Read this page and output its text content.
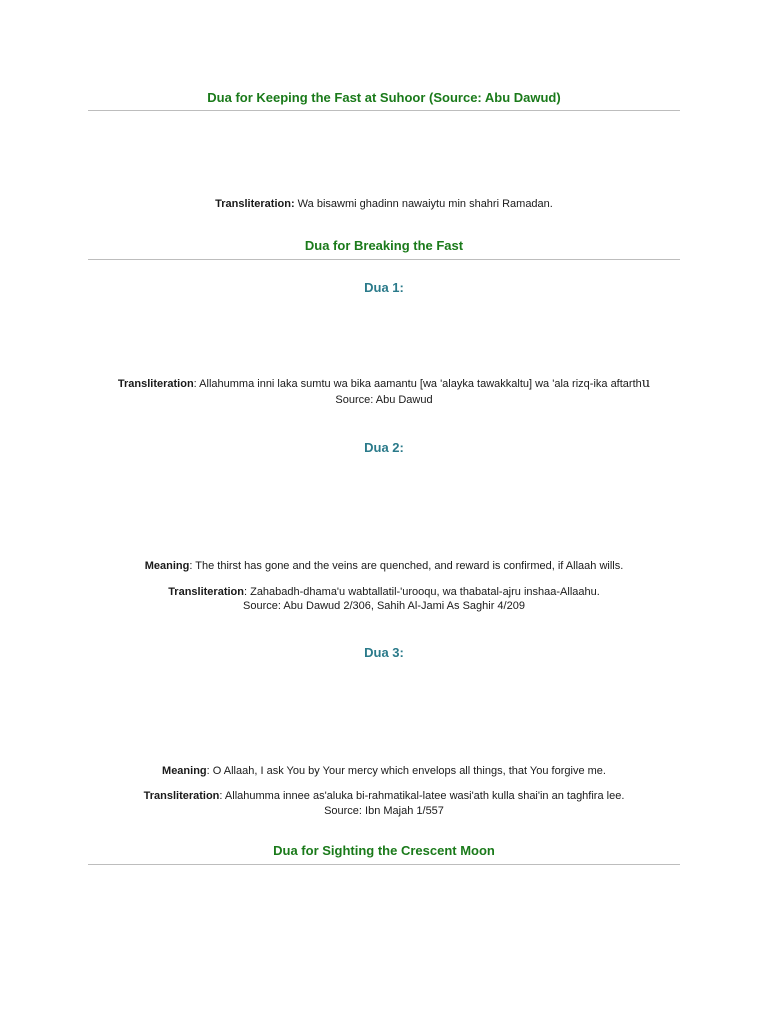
Dua for Keeping the Fast at Suhoor (Source: Abu Dawud)
Transliteration: Wa bisawmi ghadinn nawaiytu min shahri Ramadan.
Dua for Breaking the Fast
Dua 1:
Transliteration: Allahumma inni laka sumtu wa bika aamantu [wa 'alayka tawakkaltu] wa 'ala rizq-ika aftarthu
Source: Abu Dawud
Dua 2:
Meaning: The thirst has gone and the veins are quenched, and reward is confirmed, if Allaah wills.
Transliteration: Zahabadh-dhama'u wabtallatil-'urooqu, wa thabatal-ajru inshaa-Allaahu.
Source: Abu Dawud 2/306, Sahih Al-Jami As Saghir 4/209
Dua 3:
Meaning: O Allaah, I ask You by Your mercy which envelops all things, that You forgive me.
Transliteration: Allahumma innee as'aluka bi-rahmatikal-latee wasi'ath kulla shai'in an taghfira lee.
Source: Ibn Majah 1/557
Dua for Sighting the Crescent Moon
